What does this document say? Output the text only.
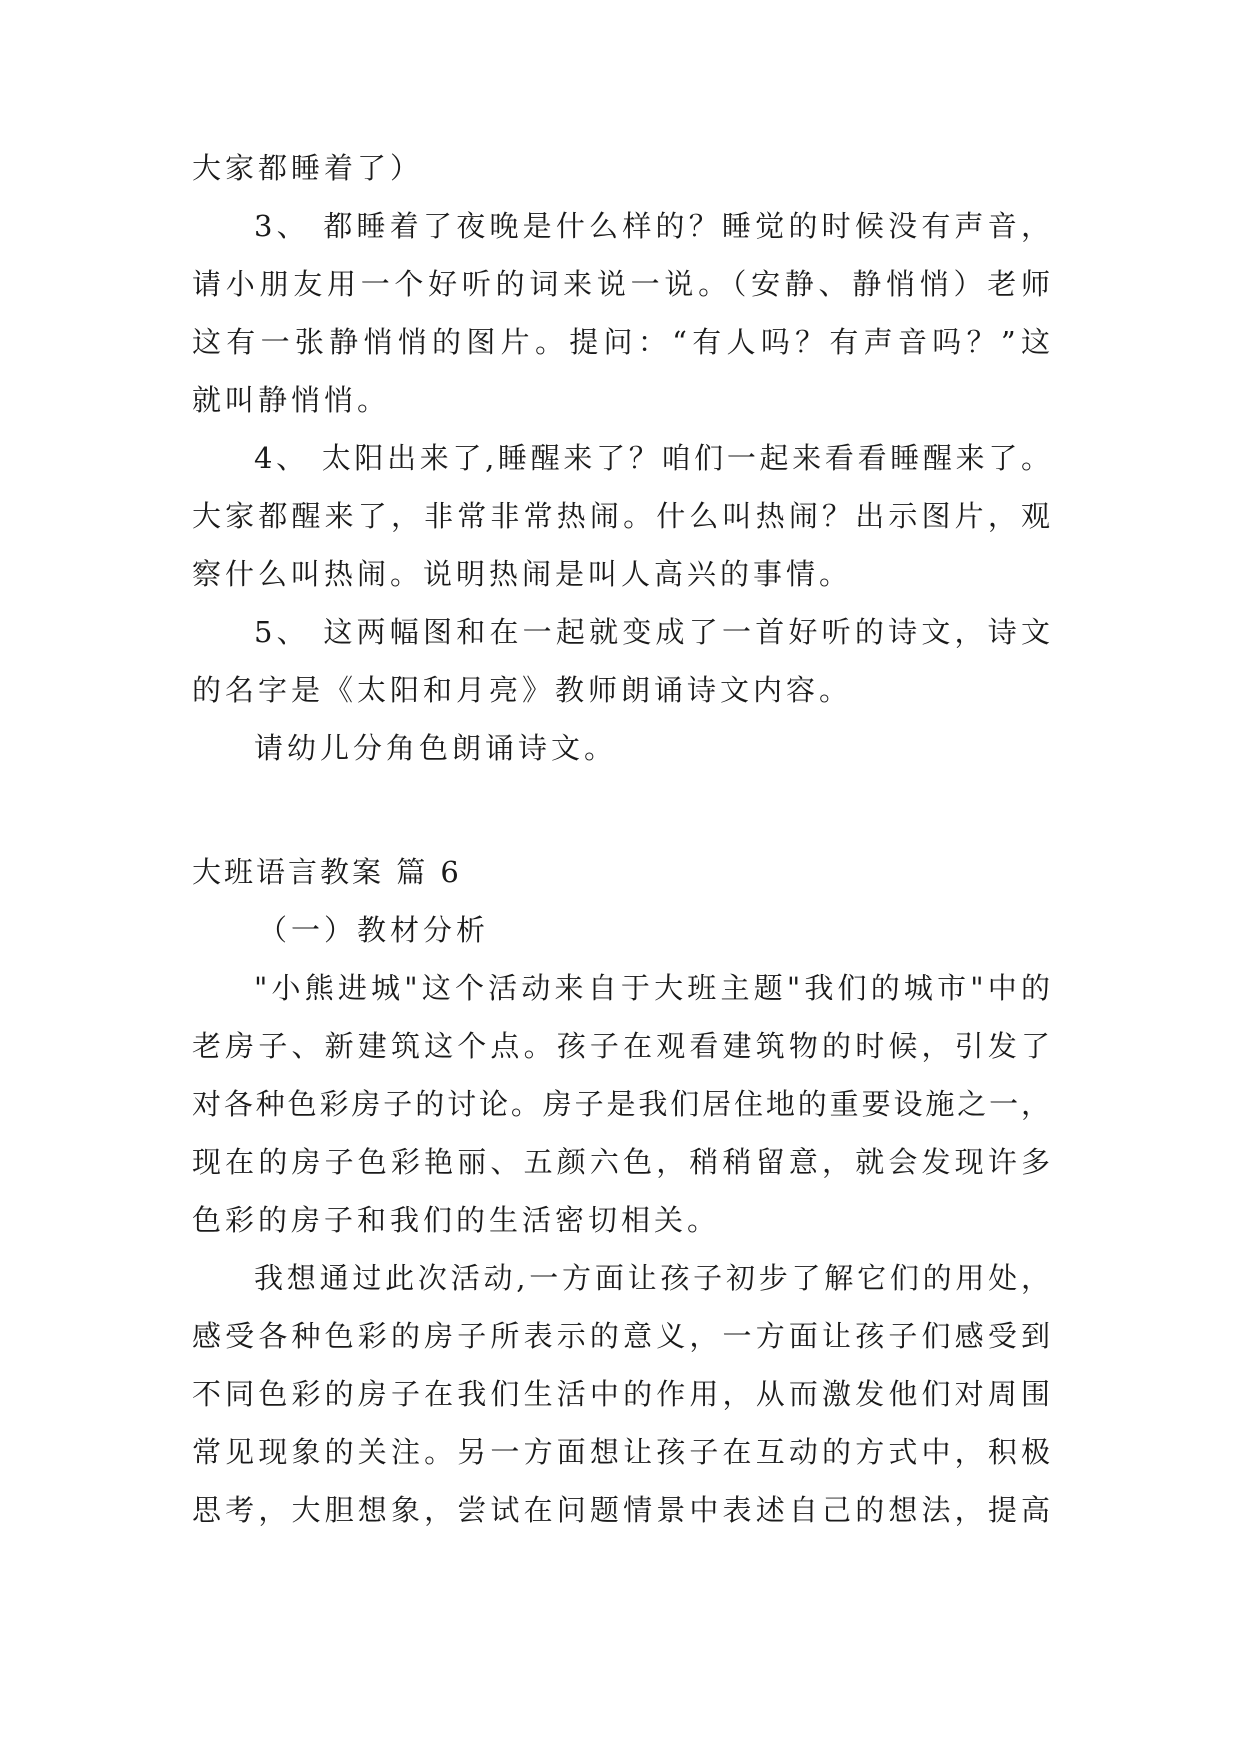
大家都睡着了）
3、 都睡着了夜晚是什么样的？睡觉的时候没有声音，
请小朋友用一个好听的词来说一说。（安静、静悄悄）老师
这有一张静悄悄的图片。提问：“有人吗？有声音吗？”这
就叫静悄悄。
4、 太阳出来了,睡醒来了？咱们一起来看看睡醒来了。
大家都醒来了，非常非常热闹。什么叫热闹？出示图片，观
察什么叫热闹。说明热闹是叫人高兴的事情。
5、 这两幅图和在一起就变成了一首好听的诗文，诗文
的名字是《太阳和月亮》教师朗诵诗文内容。
请幼儿分角色朗诵诗文。
大班语言教案 篇 6
（一）教材分析
"小熊进城"这个活动来自于大班主题"我们的城市"中的
老房子、新建筑这个点。孩子在观看建筑物的时候，引发了
对各种色彩房子的讨论。房子是我们居住地的重要设施之一，
现在的房子色彩艳丽、五颜六色，稍稍留意，就会发现许多
色彩的房子和我们的生活密切相关。
我想通过此次活动,一方面让孩子初步了解它们的用处，
感受各种色彩的房子所表示的意义，一方面让孩子们感受到
不同色彩的房子在我们生活中的作用，从而激发他们对周围
常见现象的关注。另一方面想让孩子在互动的方式中，积极
思考，大胆想象，尝试在问题情景中表述自己的想法，提高
